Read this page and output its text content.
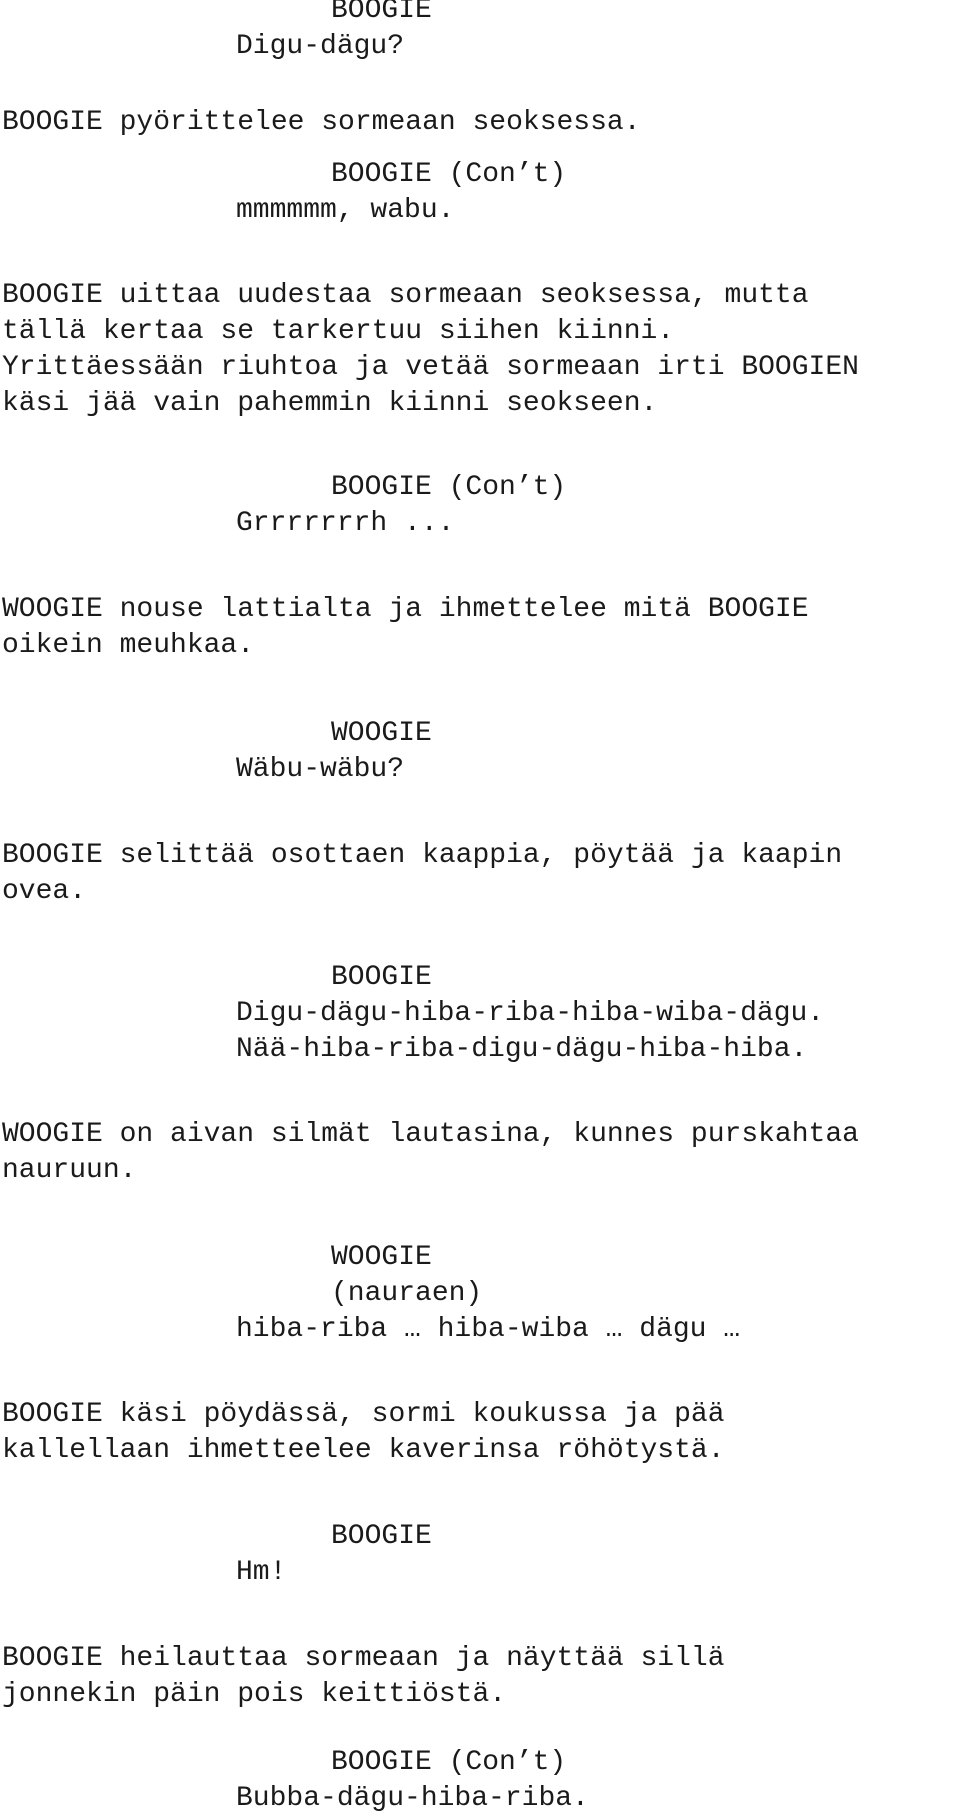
BOOGIE
Digu-dägu?
BOOGIE pyörittelee sormeaan seoksessa.
BOOGIE (Con’t)
mmmmmm, wabu.
BOOGIE uittaa uudestaa sormeaan seoksessa, mutta
tällä kertaa se tarkertuu siihen kiinni.
Yrittäessään riuhtoa ja vetää sormeaan irti BOOGIEN
käsi jää vain pahemmin kiinni seokseen.
BOOGIE (Con’t)
Grrrrrrrh ...
WOOGIE nouse lattialta ja ihmettelee mitä BOOGIE
oikein meuhkaa.
WOOGIE
Wäbu-wäbu?
BOOGIE selittää osottaen kaappia, pöytää ja kaapin
ovea.
BOOGIE
Digu-dägu-hiba-riba-hiba-wiba-dägu.
Nää-hiba-riba-digu-dägu-hiba-hiba.
WOOGIE on aivan silmät lautasina, kunnes purskahtaa
nauruun.
WOOGIE
(nauraen)
hiba-riba … hiba-wiba … dägu …
BOOGIE käsi pöydässä, sormi koukussa ja pää
kallellaan ihmetteelee kaverinsa röhötystä.
BOOGIE
Hm!
BOOGIE heilauttaa sormeaan ja näyttää sillä
jonnekin päin pois keittiöstä.
BOOGIE (Con’t)
Bubba-dägu-hiba-riba.
